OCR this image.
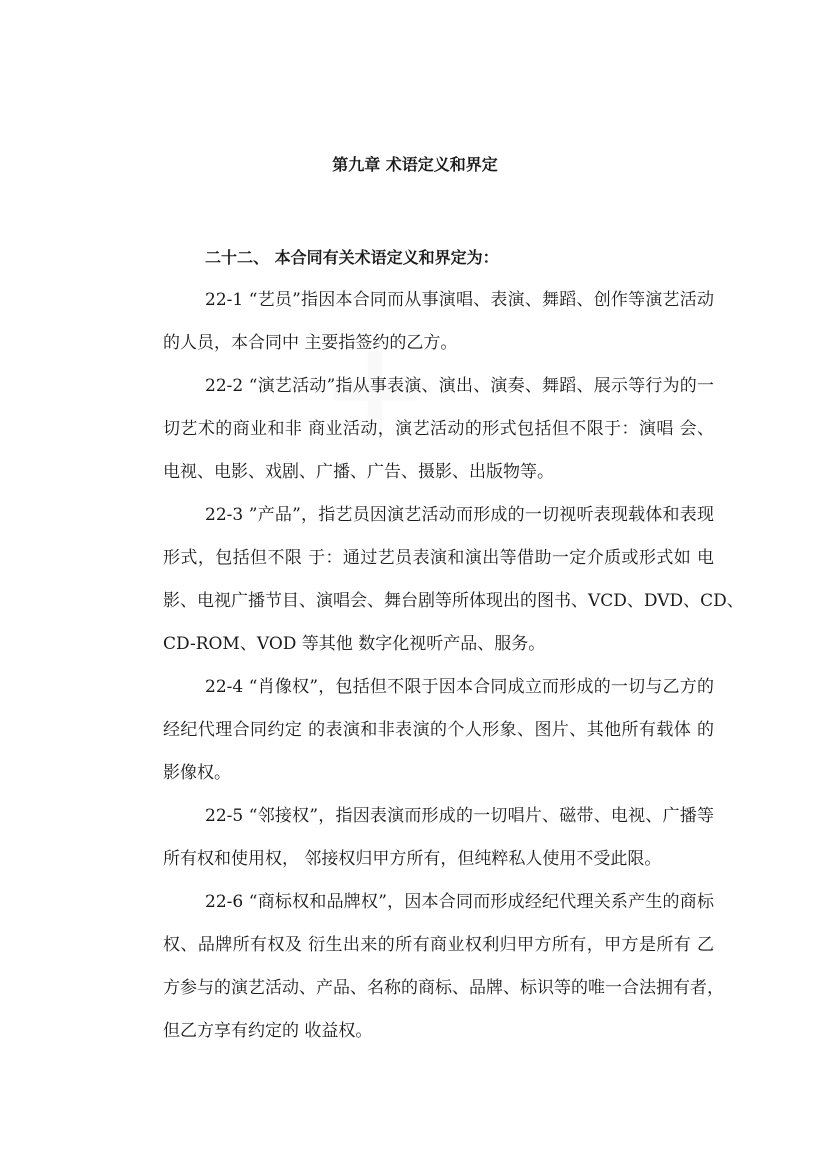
第九章 术语定义和界定
二十二、 本合同有关术语定义和界定为：
22-1 “艺员”指因本合同而从事演唱、表演、舞蹈、创作等演艺活动
的人员，本合同中 主要指签约的乙方。
22-2 “演艺活动”指从事表演、演出、演奏、舞蹈、展示等行为的一
切艺术的商业和非 商业活动，演艺活动的形式包括但不限于：演唱 会、
电视、电影、戏剧、广播、广告、摄影、出版物等。
22-3 ”产品”，指艺员因演艺活动而形成的一切视听表现载体和表现
形式，包括但不限 于：通过艺员表演和演出等借助一定介质或形式如 电
影、电视广播节目、演唱会、舞台剧等所体现出的图书、VCD、DVD、CD、
CD-ROM、VOD 等其他 数字化视听产品、服务。
22-4 “肖像权”，包括但不限于因本合同成立而形成的一切与乙方的
经纪代理合同约定 的表演和非表演的个人形象、图片、其他所有载体 的
影像权。
22-5 “邻接权”，指因表演而形成的一切唱片、磁带、电视、广播等
所有权和使用权， 邻接权归甲方所有，但纯粹私人使用不受此限。
22-6 “商标权和品牌权”，因本合同而形成经纪代理关系产生的商标
权、品牌所有权及 衍生出来的所有商业权利归甲方所有，甲方是所有 乙
方参与的演艺活动、产品、名称的商标、品牌、标识等的唯一合法拥有者，
但乙方享有约定的 收益权。
